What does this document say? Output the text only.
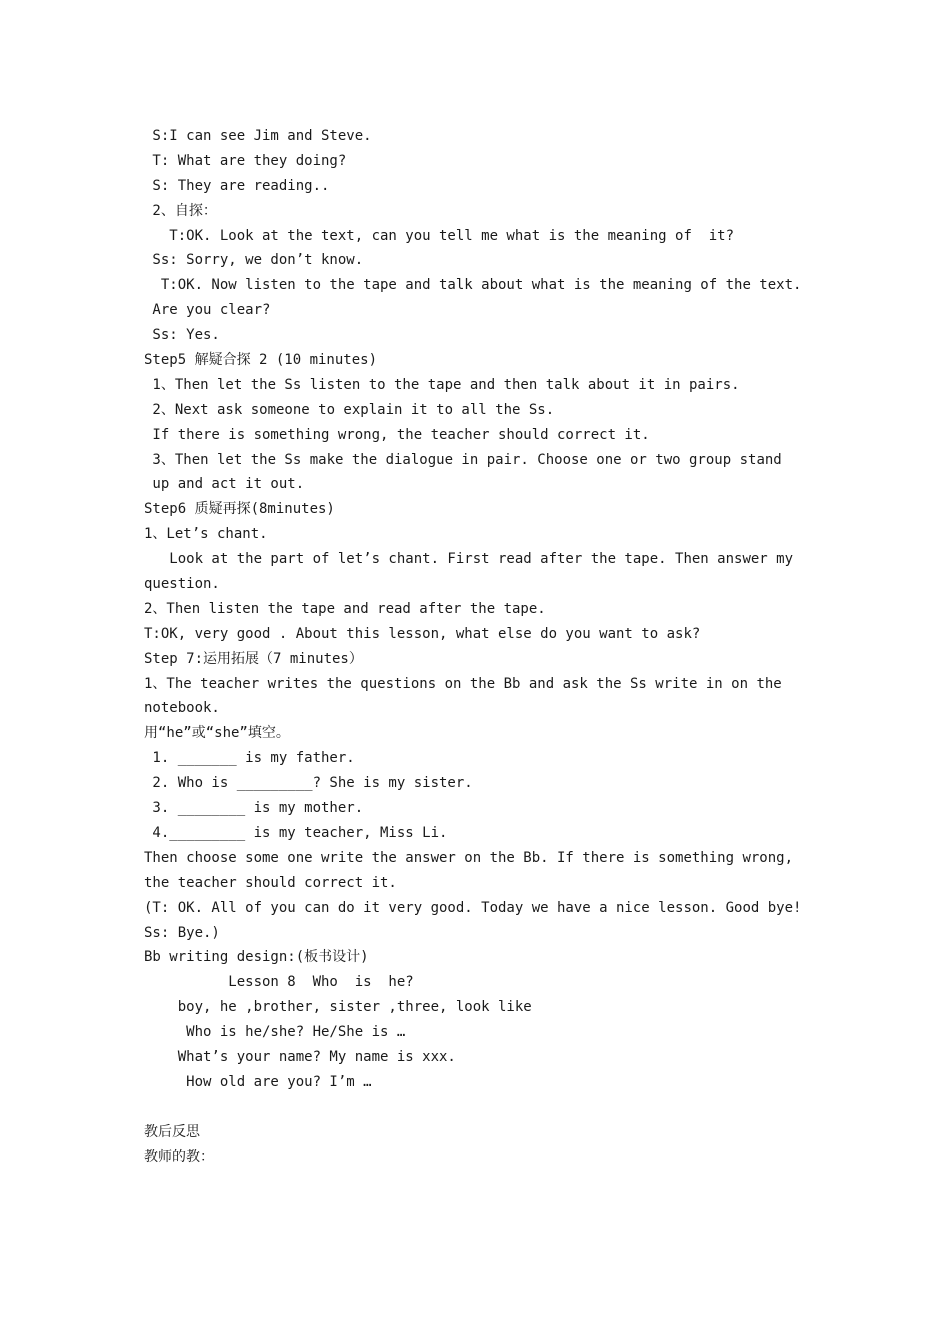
S:I can see Jim and Steve.
T: What are they doing?
S: They are reading..
2、自探：
T:OK. Look at the text, can you tell me what is the meaning of  it?
Ss: Sorry, we don’t know.
T:OK. Now listen to the tape and talk about what is the meaning of the text.
Are you clear?
Ss: Yes.
Step5 解疑合探 2 (10 minutes)
1、Then let the Ss listen to the tape and then talk about it in pairs.
2、Next ask someone to explain it to all the Ss.
If there is something wrong, the teacher should correct it.
3、Then let the Ss make the dialogue in pair. Choose one or two group stand
up and act it out.
Step6 质疑再探(8minutes)
1、Let’s chant.
Look at the part of let’s chant. First read after the tape. Then answer my
question.
2、Then listen the tape and read after the tape.
T:OK, very good . About this lesson, what else do you want to ask?
Step 7:运用拓展（7 minutes）
1、The teacher writes the questions on the Bb and ask the Ss write in on the
notebook.
用“he”或“she”填空。
1. _______ is my father.
2. Who is _________? She is my sister.
3. ________ is my mother.
4._________ is my teacher, Miss Li.
Then choose some one write the answer on the Bb. If there is something wrong,
the teacher should correct it.
(T: OK. All of you can do it very good. Today we have a nice lesson. Good bye!
Ss: Bye.)
Bb writing design:(板书设计)
Lesson 8  Who  is  he?
boy, he ,brother, sister ,three, look like
Who is he/she? He/She is …
What’s your name? My name is xxx.
How old are you? I’m …
教后反思
教师的教：
